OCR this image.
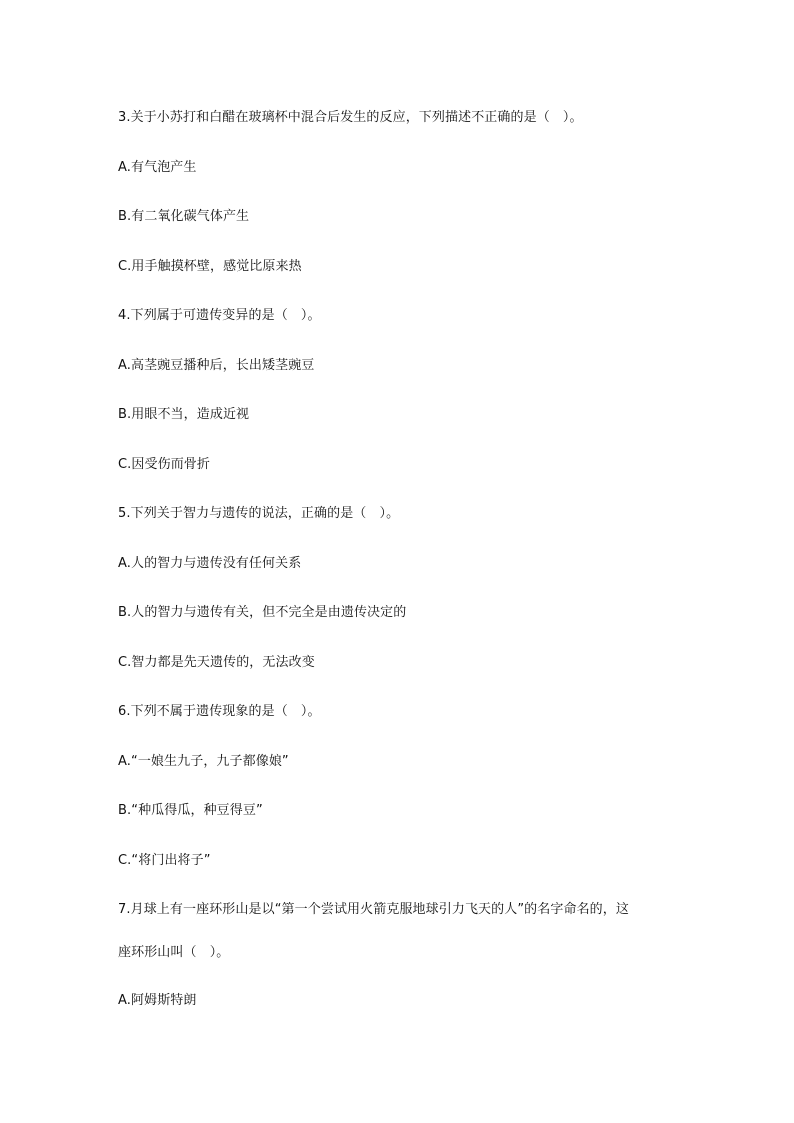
3.关于小苏打和白醋在玻璃杯中混合后发生的反应，下列描述不正确的是（　）。
A.有气泡产生
B.有二氧化碳气体产生
C.用手触摸杯壁，感觉比原来热
4.下列属于可遗传变异的是（　）。
A.高茎豌豆播种后，长出矮茎豌豆
B.用眼不当，造成近视
C.因受伤而骨折
5.下列关于智力与遗传的说法，正确的是（　）。
A.人的智力与遗传没有任何关系
B.人的智力与遗传有关，但不完全是由遗传决定的
C.智力都是先天遗传的，无法改变
6.下列不属于遗传现象的是（　）。
A.“一娘生九子，九子都像娘”
B.“种瓜得瓜，种豆得豆”
C.“将门出将子”
7.月球上有一座环形山是以“第一个尝试用火箭克服地球引力飞天的人”的名字命名的，这
座环形山叫（　）。
A.阿姆斯特朗
